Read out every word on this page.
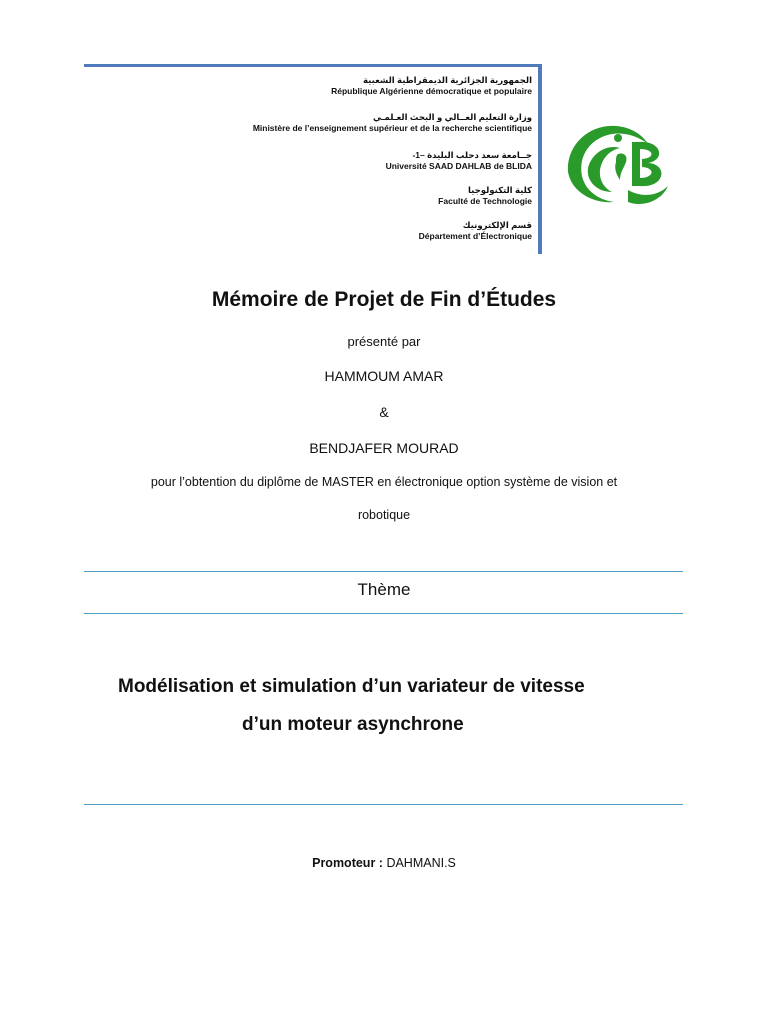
الجمهورية الجزائرية الديمقراطية الشعبية
République Algérienne démocratique et populaire
وزارة التعليم العــالي و البحث العـلمـي
Ministère de l’enseignement supérieur et de la recherche scientifique
جــامعة سعد دحلب البليدة –1-
Université SAAD DAHLAB de BLIDA
كلية التكنولوجيا
Faculté de Technologie
قسم الإلكترونيك
Département d’Électronique
Mémoire de Projet de Fin d’Études
présenté par
HAMMOUM AMAR
&
BENDJAFER MOURAD
pour l’obtention du diplôme de MASTER en électronique option système de vision et
robotique
Thème
Modélisation et simulation d’un variateur de vitesse
d’un moteur asynchrone
Promoteur : DAHMANI.S
